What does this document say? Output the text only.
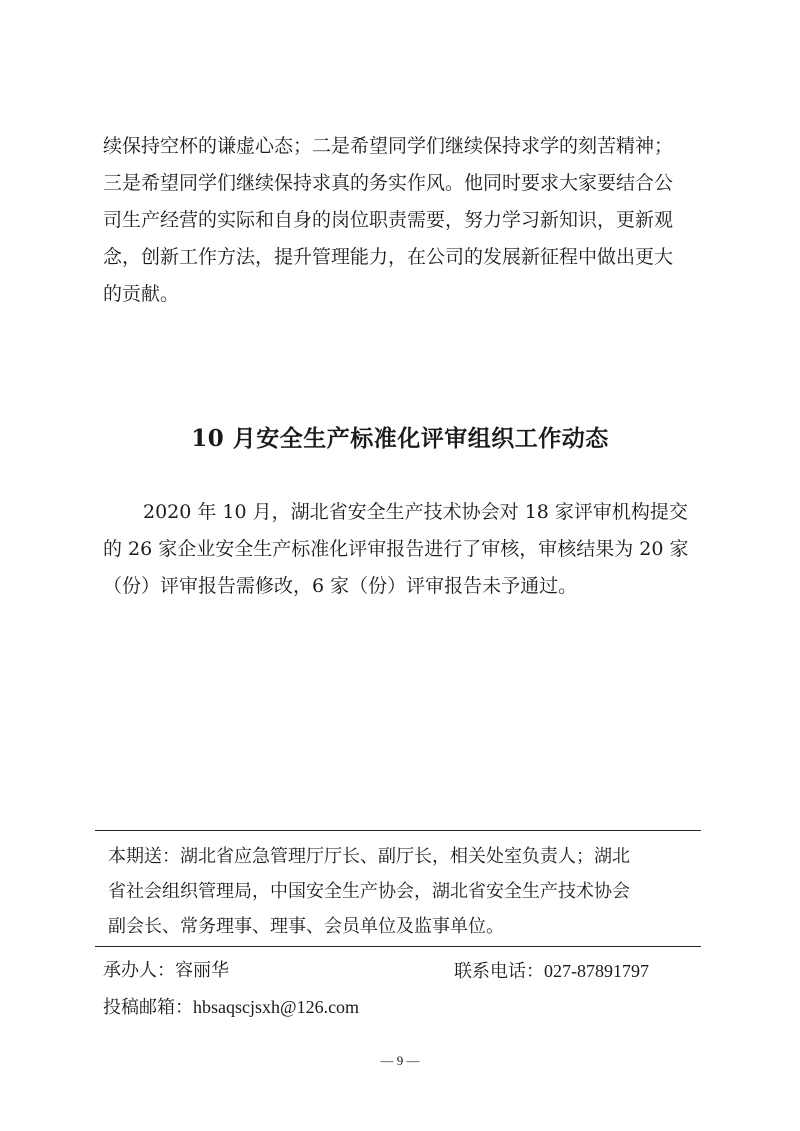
续保持空杯的谦虚心态；二是希望同学们继续保持求学的刻苦精神；
三是希望同学们继续保持求真的务实作风。他同时要求大家要结合公
司生产经营的实际和自身的岗位职责需要，努力学习新知识，更新观
念，创新工作方法，提升管理能力，在公司的发展新征程中做出更大
的贡献。

10 月安全生产标准化评审组织工作动态

2020 年 10 月，湖北省安全生产技术协会对 18 家评审机构提交
的 26 家企业安全生产标准化评审报告进行了审核，审核结果为 20 家
（份）评审报告需修改，6 家（份）评审报告未予通过。

本期送：湖北省应急管理厅厅长、副厅长，相关处室负责人；湖北
省社会组织管理局，中国安全生产协会，湖北省安全生产技术协会
副会长、常务理事、理事、会员单位及监事单位。

承办人：容丽华	联系电话：027-87891797
投稿邮箱：hbsaqscjsxh@126.com
— 9 —
